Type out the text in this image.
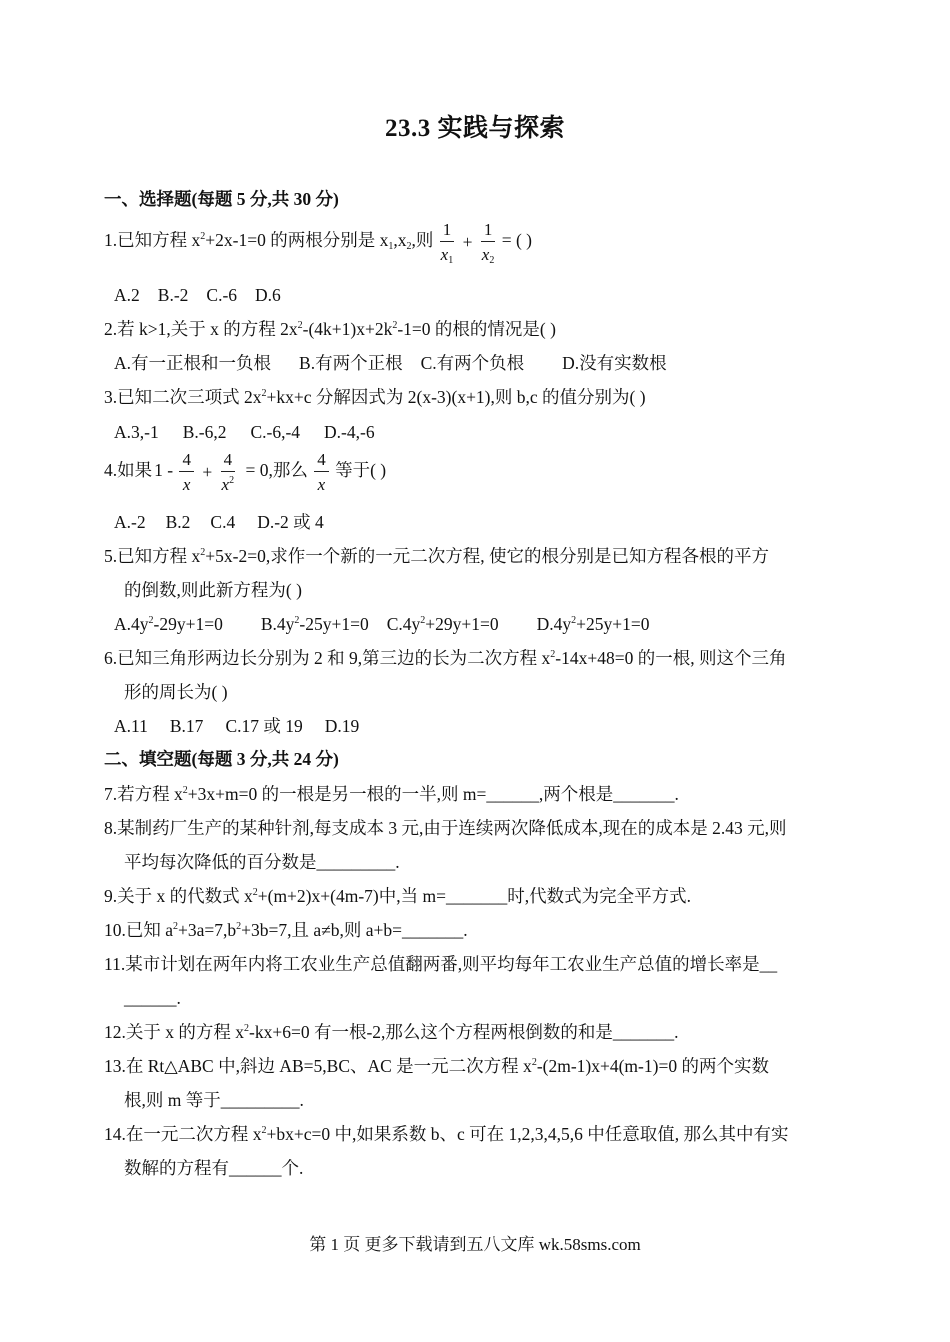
23.3 实践与探索
一、选择题(每题 5 分,共 30 分)
1.已知方程 $x^2+2x-1=0$ 的两根分别是 $x_1,x_2$,则 $\frac{1}{x_1} + \frac{1}{x_2}$ = ( )
A.2 B.-2 C.-6 D.6
2.若 k>1,关于 x 的方程 $2x^2-(4k+1)x+2k^2-1=0$ 的根的情况是( )
A.有一正根和一负根 B.有两个正根 C.有两个负根 D.没有实数根
3.已知二次三项式 $2x^2+kx+c$ 分解因式为 2(x-3)(x+1),则 b,c 的值分别为( )
A.3,-1 B.-6,2 C.-6,-4 D.-4,-6
4.如果 $1 - \frac{4}{x} + \frac{4}{x^2} = 0$,那么 $\frac{4}{x}$ 等于( )
A.-2 B.2 C.4 D.-2 或 4
5.已知方程 $x^2+5x-2=0$,求作一个新的一元二次方程, 使它的根分别是已知方程各根的平方
的倒数,则此新方程为( )
$A.4y^2-29y+1=0$ $B.4y^2-25y+1=0$ $C.4y^2+29y+1=0$ $D.4y^2+25y+1=0$
6.已知三角形两边长分别为 2 和 9,第三边的长为二次方程 $x^2-14x+48=0$ 的一根, 则这个三角
形的周长为( )
A.11 B.17 C.17 或 19 D.19
二、填空题(每题 3 分,共 24 分)
7.若方程 $x^2+3x+m=0$ 的一根是另一根的一半,则 m=______,两个根是_______.
8.某制药厂生产的某种针剂,每支成本 3 元,由于连续两次降低成本,现在的成本是 2.43 元,则
平均每次降低的百分数是_________.
9.关于 x 的代数式 $x^2+(m+2)x+(4m-7)$中,当 m=_______时,代数式为完全平方式.
10.已知 $a^2+3a=7,b^2+3b=7$,且 a≠b,则 a+b=_______.
11.某市计划在两年内将工农业生产总值翻两番,则平均每年工农业生产总值的增长率是__
______.
12.关于 x 的方程 $x^2-kx+6=0$ 有一根-2,那么这个方程两根倒数的和是_______.
13.在 Rt△ABC 中,斜边 AB=5,BC、AC 是一元二次方程 $x^2-(2m-1)x+4(m-1)=0$ 的两个实数
根,则 m 等于_________.
14.在一元二次方程 $x^2+bx+c=0$ 中,如果系数 b、c 可在 1,2,3,4,5,6 中任意取值, 那么其中有实
数解的方程有______个.
第 1 页 更多下载请到五八文库 wk.58sms.com
